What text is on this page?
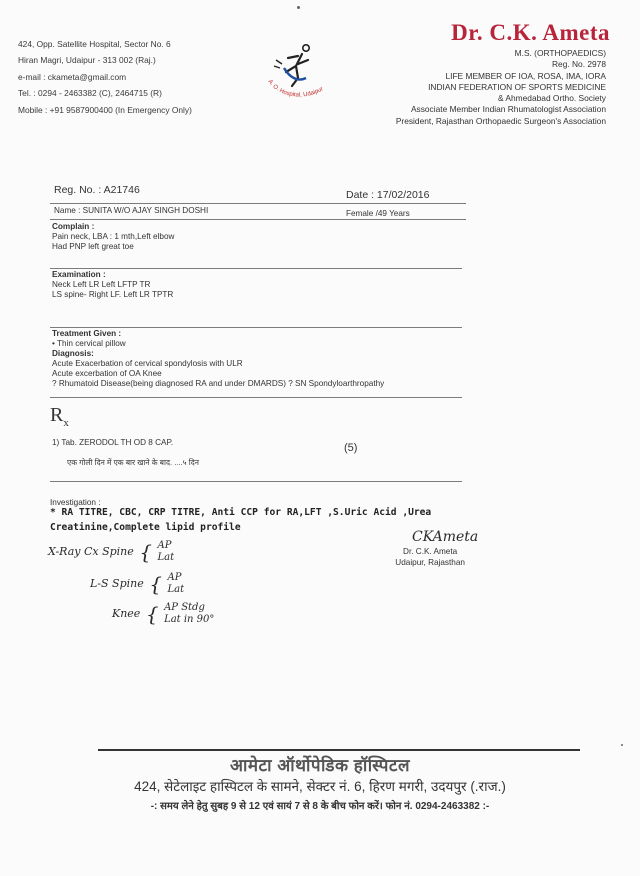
424, Opp. Satellite Hospital, Sector No. 6
Hiran Magri, Udaipur - 313 002 (Raj.)
e-mail : ckameta@gmail.com
Tel. : 0294 - 2463382 (C), 2464715 (R)
Mobile : +91 9587900400 (In Emergency Only)
A. O. Hospital, Udaipur
Dr. C.K. Ameta
M.S. (ORTHOPAEDICS)
Reg. No. 2978
LIFE MEMBER OF IOA, ROSA, IMA, IORA
INDIAN FEDERATION OF SPORTS MEDICINE
& Ahmedabad Ortho. Society
Associate Member Indian Rhumatologist Association
President, Rajasthan Orthopaedic Surgeon's Association
Reg. No. : A21746	Date : 17/02/2016
Name : SUNITA W/O AJAY SINGH DOSHI	Female /49 Years
Complain :
Pain neck, LBA : 1 mth,Left elbow
Had PNP left great toe
Examination :
Neck Left LR Left LFTP TR
LS spine- Right LF. Left LR TPTR
Treatment Given :
• Thin cervical pillow
Diagnosis:
Acute Exacerbation of cervical spondylosis with ULR
Acute excerbation of OA Knee
? Rhumatoid Disease(being diagnosed RA and under DMARDS) ? SN Spondyloarthropathy
$R_x$
1) Tab. ZERODOL TH OD 8 CAP.	(5)
एक गोली दिन में एक बार खाने के बाद. ....५ दिन
Investigation :
* RA TITRE, CBC, CRP TITRE, Anti CCP for RA,LFT ,S.Uric Acid ,Urea
Creatinine,Complete lipid profile
X-Ray Cx Spine { AP
Lat
L-S Spine { AP
Lat
Knee { AP Stdg
Lat in 90°
CKAmeta
Dr. C.K. Ameta
Udaipur, Rajasthan
आमेटा ऑर्थोपेडिक हॉस्पिटल
424, सेटेलाइट हास्पिटल के सामने, सेक्टर नं. 6, हिरण मगरी, उदयपुर (.राज.)
-: समय लेने हेतु सुबह 9 से 12 एवं सायं 7 से 8 के बीच फोन करें। फोन नं. 0294-2463382 :-
